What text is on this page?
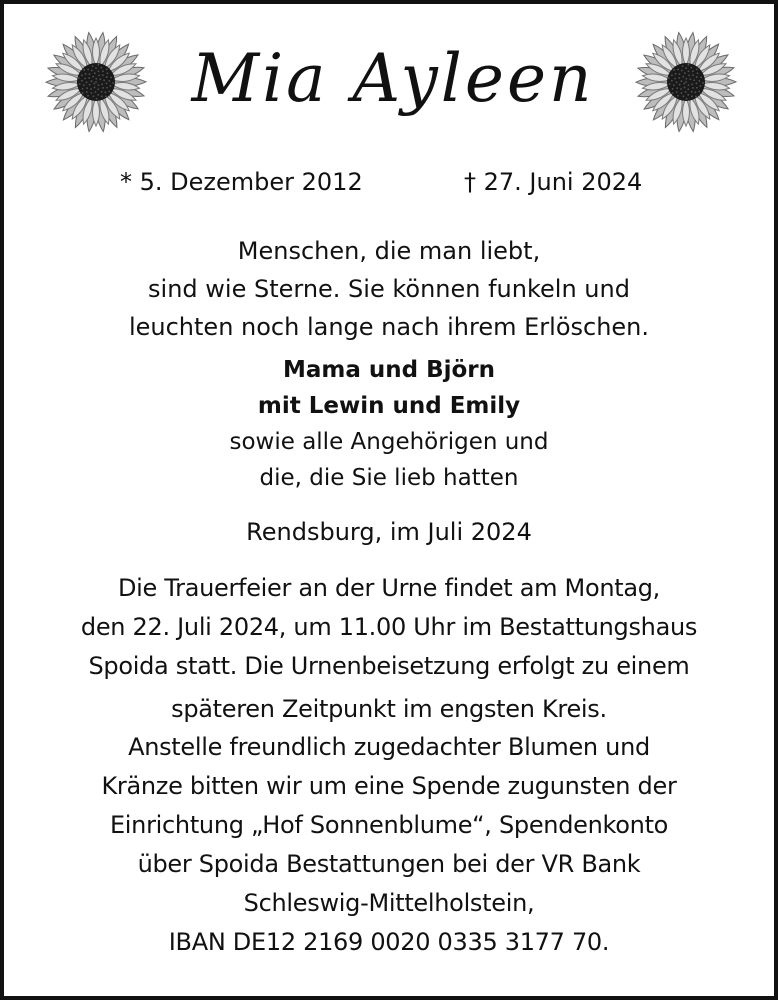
Mia Ayleen
* 5. Dezember 2012	† 27. Juni 2024
Menschen, die man liebt,
sind wie Sterne. Sie können funkeln und
leuchten noch lange nach ihrem Erlöschen.
Mama und Björn
mit Lewin und Emily
sowie alle Angehörigen und
die, die Sie lieb hatten
Rendsburg, im Juli 2024
Die Trauerfeier an der Urne findet am Montag,
den 22. Juli 2024, um 11.00 Uhr im Bestattungshaus
Spoida statt. Die Urnenbeisetzung erfolgt zu einem
späteren Zeitpunkt im engsten Kreis.
Anstelle freundlich zugedachter Blumen und
Kränze bitten wir um eine Spende zugunsten der
Einrichtung „Hof Sonnenblume“, Spendenkonto
über Spoida Bestattungen bei der VR Bank
Schleswig-Mittelholstein,
IBAN DE12 2169 0020 0335 3177 70.
